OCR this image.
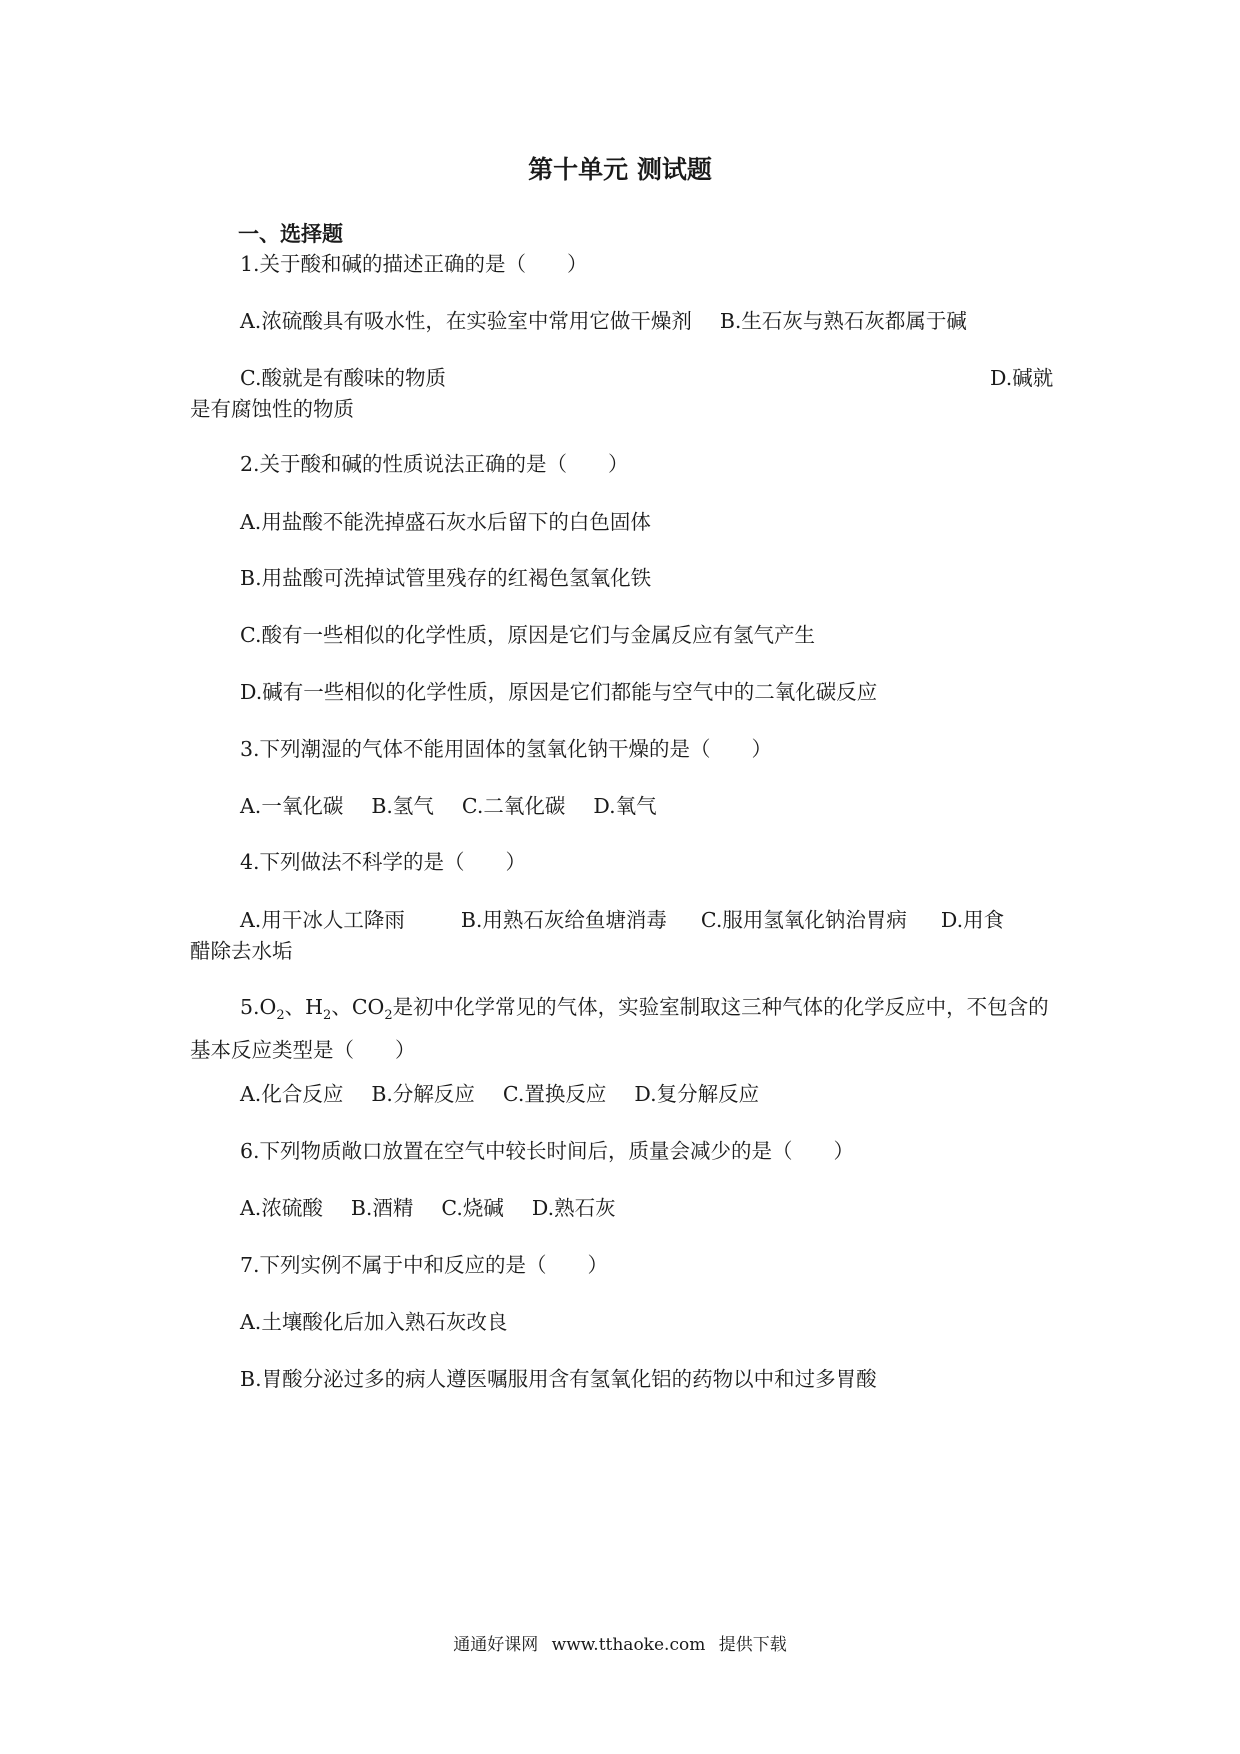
第十单元 测试题
一、选择题
1.关于酸和碱的描述正确的是（　　）
A.浓硫酸具有吸水性，在实验室中常用它做干燥剂 B.生石灰与熟石灰都属于碱
C.酸就是有酸味的物质	D.碱就
是有腐蚀性的物质
2.关于酸和碱的性质说法正确的是（　　）
A.用盐酸不能洗掉盛石灰水后留下的白色固体
B.用盐酸可洗掉试管里残存的红褐色氢氧化铁
C.酸有一些相似的化学性质，原因是它们与金属反应有氢气产生
D.碱有一些相似的化学性质，原因是它们都能与空气中的二氧化碳反应
3.下列潮湿的气体不能用固体的氢氧化钠干燥的是（　　）
A.一氧化碳 B.氢气 C.二氧化碳 D.氧气
4.下列做法不科学的是（　　）
A.用干冰人工降雨	B.用熟石灰给鱼塘消毒 C.服用氢氧化钠治胃病 D.用食
醋除去水垢
$5.O_2$、$H_2$、$CO_2$是初中化学常见的气体，实验室制取这三种气体的化学反应中，不包含的基本反应类型是（　　）
A.化合反应 B.分解反应 C.置换反应 D.复分解反应
6.下列物质敞口放置在空气中较长时间后，质量会减少的是（　　）
A.浓硫酸 B.酒精 C.烧碱 D.熟石灰
7.下列实例不属于中和反应的是（　　）
A.土壤酸化后加入熟石灰改良
B.胃酸分泌过多的病人遵医嘱服用含有氢氧化铝的药物以中和过多胃酸
通通好课网 www.tthaoke.com 提供下载
